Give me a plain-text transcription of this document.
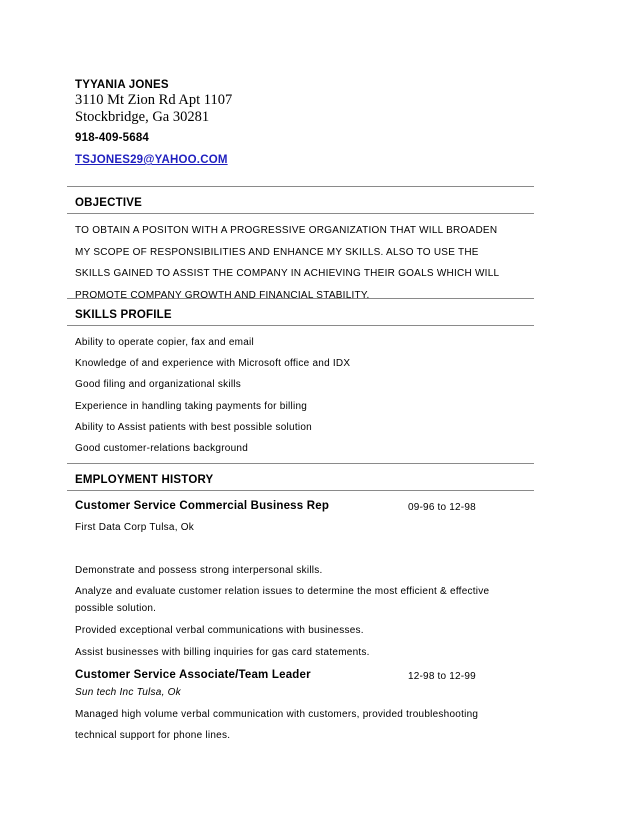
TYYANIA JONES
3110 Mt Zion Rd Apt 1107
Stockbridge, Ga 30281
918-409-5684
TSJONES29@YAHOO.COM
OBJECTIVE

TO OBTAIN A POSITON WITH A PROGRESSIVE ORGANIZATION THAT WILL BROADEN

MY SCOPE OF RESPONSIBILITIES AND ENHANCE MY SKILLS. ALSO TO USE THE

SKILLS GAINED TO ASSIST THE COMPANY IN ACHIEVING THEIR GOALS WHICH WILL

PROMOTE COMPANY GROWTH AND FINANCIAL STABILITY.

SKILLS PROFILE
Ability to operate copier, fax and email
Knowledge of and experience with Microsoft office and IDX
Good filing and organizational skills
Experience in handling taking payments for billing
Ability to Assist patients with best possible solution
Good customer-relations background
EMPLOYMENT HISTORY
Customer Service Commercial Business Rep	09-96 to 12-98
First Data Corp Tulsa, Ok
Demonstrate and possess strong interpersonal skills.
Analyze and evaluate customer relation issues to determine the most efficient & effective
possible solution.
Provided exceptional verbal communications with businesses.
Assist businesses with billing inquiries for gas card statements.
Customer Service Associate/Team Leader	12-98 to 12-99
Sun tech Inc Tulsa, Ok
Managed high volume verbal communication with customers, provided troubleshooting
technical support for phone lines.
